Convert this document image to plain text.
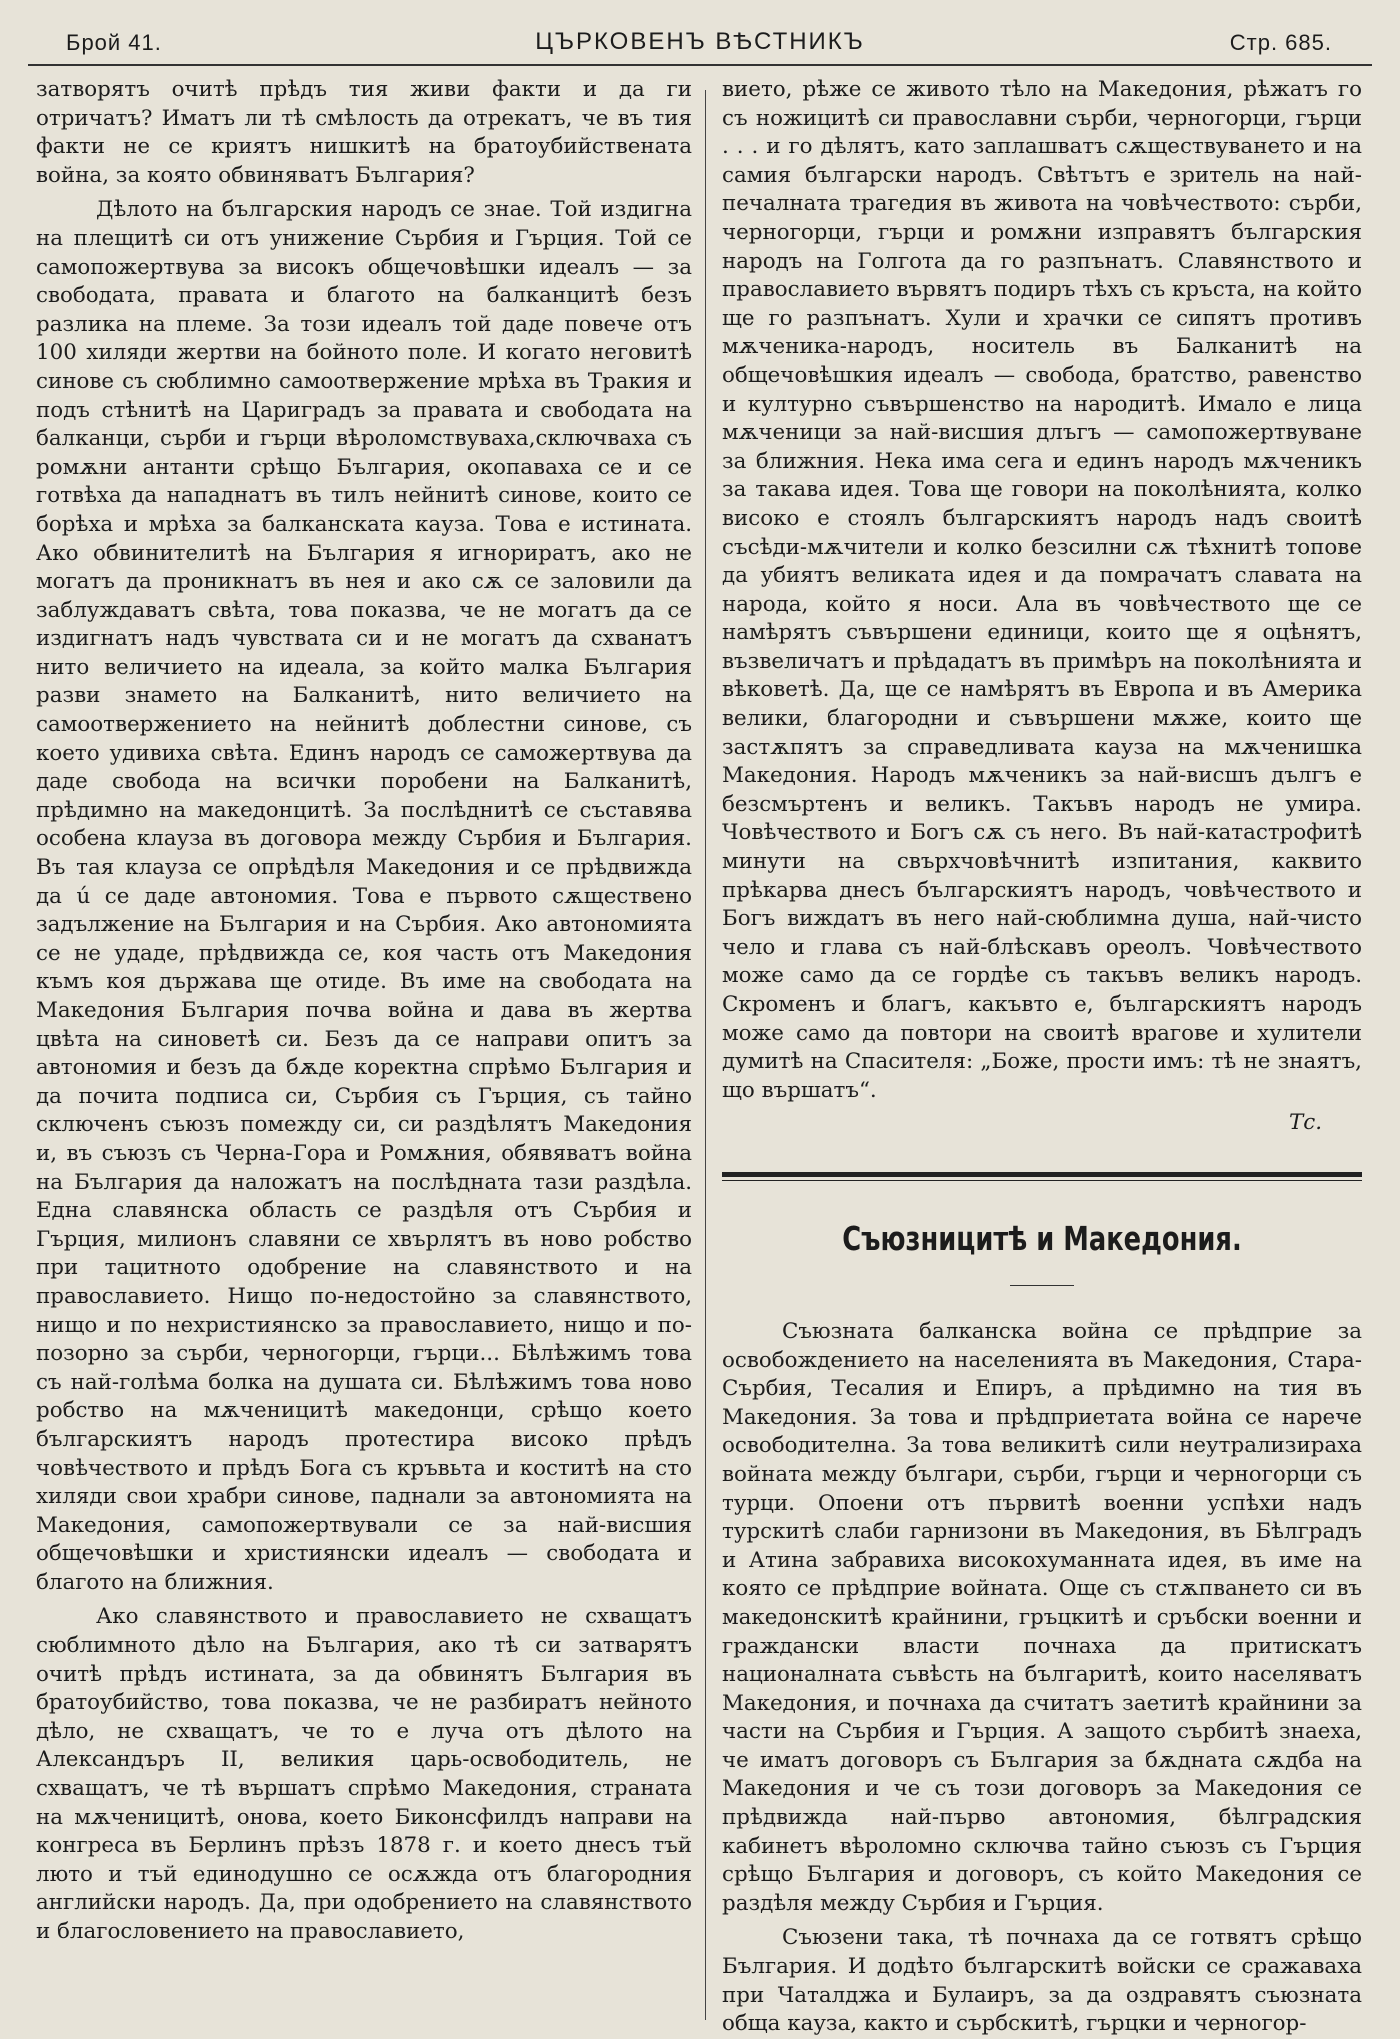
Брой 41.	ЦЪРКОВЕНЪ ВѢСТНИКЪ	Стр. 685.

затворятъ очитѣ прѣдъ тия живи факти и да ги отричатъ? Иматъ ли тѣ смѣлость да отрекатъ, че въ тия факти не се криятъ нишкитѣ на братоубийствената война, за която обвиняватъ България?

Дѣлото на българския народъ се знае. Той издигна на плещитѣ си отъ унижение Сърбия и Гърция. Той се самопожертвува за високъ общечовѣшки идеалъ — за свободата, правата и благото на балканцитѣ безъ разлика на племе. За този идеалъ той даде повече отъ 100 хиляди жертви на бойното поле. И когато неговитѣ синове съ сюблимно самоотвержение мрѣха въ Тракия и подъ стѣнитѣ на Цариградъ за правата и свободата на балканци, сърби и гърци вѣроломствуваха,сключваха съ ромѫни антанти срѣщо България, окопаваха се и се готвѣха да нападнатъ въ тилъ нейнитѣ синове, които се борѣха и мрѣха за балканската кауза. Това е истината. Ако обвинителитѣ на България я игнориратъ, ако не могатъ да проникнатъ въ нея и ако сѫ се заловили да заблуждаватъ свѣта, това показва, че не могатъ да се издигнатъ надъ чувствата си и не могатъ да схванатъ нито величието на идеала, за който малка България разви знамето на Балканитѣ, нито величието на самоотвержението на нейнитѣ доблестни синове, съ което удивиха свѣта. Единъ народъ се саможертвува да даде свобода на всички поробени на Балканитѣ, прѣдимно на македонцитѣ. За послѣднитѣ се съставява особена клауза въ договора между Сърбия и България. Въ тая клауза се опрѣдѣля Македония и се прѣдвижда да ú се даде автономия. Това е първото сѫществено задължение на България и на Сърбия. Ако автономията се не удаде, прѣдвижда се, коя часть отъ Македония къмъ коя държава ще отиде. Въ име на свободата на Македония България почва война и дава въ жертва цвѣта на синоветѣ си. Безъ да се направи опитъ за автономия и безъ да бѫде коректна спрѣмо България и да почита подписа си, Сърбия съ Гърция, съ тайно сключенъ съюзъ помежду си, си раздѣлятъ Македония и, въ съюзъ съ Черна-Гора и Ромѫния, обявяватъ война на България да наложатъ на послѣдната тази раздѣла. Една славянска область се раздѣля отъ Сърбия и Гърция, милионъ славяни се хвърлятъ въ ново робство при тацитното одобрение на славянството и на православието. Нищо по-недостойно за славянството, нищо и по нехристиянско за православието, нищо и по-позорно за сърби, черногорци, гърци... Бѣлѣжимъ това съ най-голѣма болка на душата си. Бѣлѣжимъ това ново робство на мѫченицитѣ македонци, срѣщо което българскиятъ народъ протестира високо прѣдъ човѣчеството и прѣдъ Бога съ кръвьта и коститѣ на сто хиляди свои храбри синове, паднали за автономията на Македония, самопожертвували се за най-висшия общечовѣшки и християнски идеалъ — свободата и благото на ближния.

Ако славянството и православието не схващатъ сюблимното дѣло на България, ако тѣ си затварятъ очитѣ прѣдъ истината, за да обвинятъ България въ братоубийство, това показва, че не разбиратъ нейното дѣло, не схващатъ, че то е луча отъ дѣлото на Александъръ II, великия царь-освободитель, не схващатъ, че тѣ вършатъ спрѣмо Македония, страната на мѫченицитѣ, онова, което Биконсфилдъ направи на конгреса въ Берлинъ прѣзъ 1878 г. и което днесъ тъй люто и тъй единодушно се осѫжда отъ благородния английски народъ. Да, при одобрението на славянството и благословението на православието,

вието, рѣже се живото тѣло на Македония, рѣжатъ го съ ножицитѣ си православни сърби, черногорци, гърци . . . и го дѣлятъ, като заплашватъ сѫществуването и на самия български народъ. Свѣтътъ е зритель на най-печалната трагедия въ живота на човѣчеството: сърби, черногорци, гърци и ромѫни изправятъ българския народъ на Голгота да го разпънатъ. Славянството и православието вървятъ подиръ тѣхъ съ кръста, на който ще го разпънатъ. Хули и храчки се сипятъ противъ мѫченика-народъ, носитель въ Балканитѣ на общечовѣшкия идеалъ — свобода, братство, равенство и културно съвършенство на народитѣ. Имало е лица мѫченици за най-висшия длъгъ — самопожертвуване за ближния. Нека има сега и единъ народъ мѫченикъ за такава идея. Това ще говори на поколѣнията, колко високо е стоялъ българскиятъ народъ надъ своитѣ съсѣди-мѫчители и колко безсилни сѫ тѣхнитѣ топове да убиятъ великата идея и да помрачатъ славата на народа, който я носи. Ала въ човѣчеството ще се намѣрятъ съвършени единици, които ще я оцѣнятъ, възвеличатъ и прѣдадатъ въ примѣръ на поколѣнията и вѣковетѣ. Да, ще се намѣрятъ въ Европа и въ Америка велики, благородни и съвършени мѫже, които ще застѫпятъ за справедливата кауза на мѫченишка Македония. Народъ мѫченикъ за най-висшъ дългъ е безсмъртенъ и великъ. Такъвъ народъ не умира. Човѣчеството и Богъ сѫ съ него. Въ най-катастрофитѣ минути на свърхчовѣчнитѣ изпитания, каквито прѣкарва днесъ българскиятъ народъ, човѣчеството и Богъ виждатъ въ него най-сюблимна душа, най-чисто чело и глава съ най-блѣскавъ ореолъ. Човѣчеството може само да се гордѣе съ такъвъ великъ народъ. Скроменъ и благъ, какъвто е, българскиятъ народъ може само да повтори на своитѣ врагове и хулители думитѣ на Спасителя: „Боже, прости имъ: тѣ не знаятъ, що вършатъ“.

Тс.
Съюзницитѣ и Македония.

Съюзната балканска война се прѣдприе за освобождението на населенията въ Македония, Стара-Сърбия, Тесалия и Епиръ, а прѣдимно на тия въ Македония. За това и прѣдприетата война се нарече освободителна. За това великитѣ сили неутрализираха войната между българи, сърби, гърци и черногорци съ турци. Опоени отъ първитѣ военни успѣхи надъ турскитѣ слаби гарнизони въ Македония, въ Бѣлградъ и Атина забравиха високохуманната идея, въ име на която се прѣдприе войната. Още съ стѫпването си въ македонскитѣ крайнини, гръцкитѣ и сръбски военни и граждански власти почнаха да притискатъ националната съвѣсть на българитѣ, които населяватъ Македония, и почнаха да считатъ заетитѣ крайнини за части на Сърбия и Гърция. А защото сърбитѣ знаеха, че иматъ договоръ съ България за бѫдната сѫдба на Македония и че съ този договоръ за Македония се прѣдвижда най-първо автономия, бѣлградския кабинетъ вѣроломно сключва тайно съюзъ съ Гърция срѣщо България и договоръ, съ който Македония се раздѣля между Сърбия и Гърция.

Съюзени така, тѣ почнаха да се готвятъ срѣщо България. И додѣто българскитѣ войски се сражаваха при Чаталджа и Булаиръ, за да оздравятъ съюзната обща кауза, както и сърбскитѣ, гърцки и черногор-
